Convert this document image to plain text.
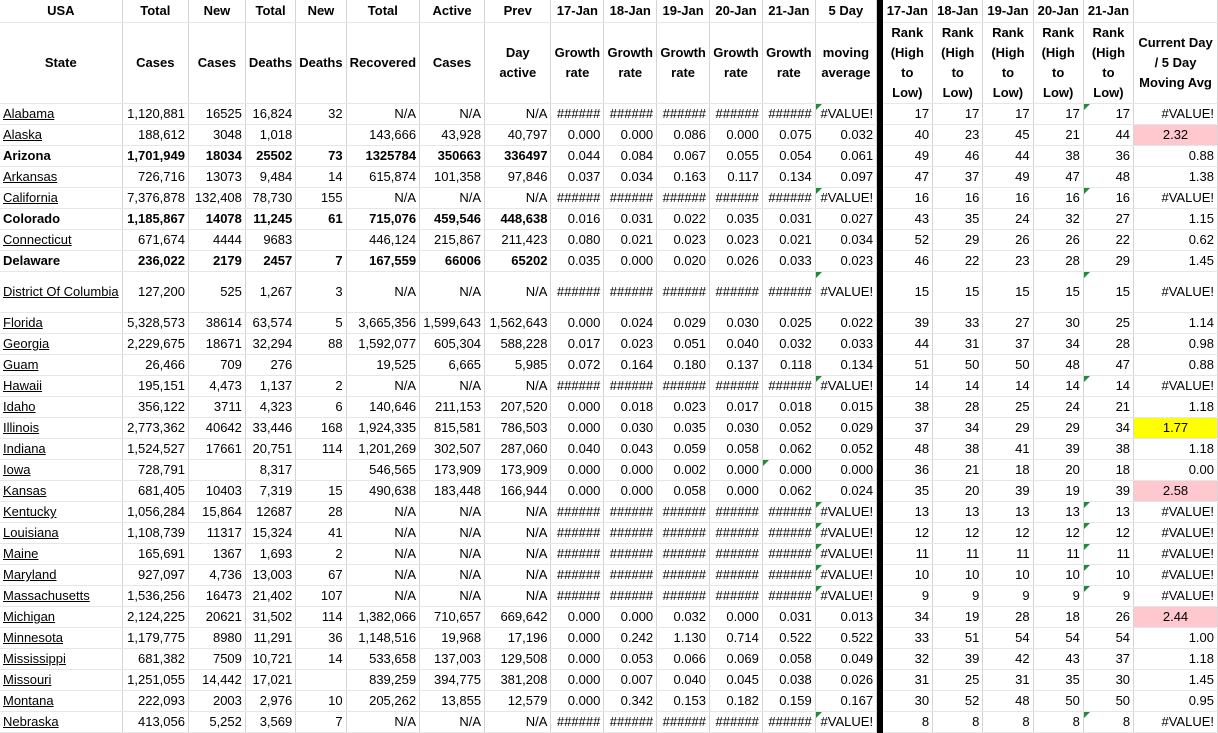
USA	Total	New	Total	New	Total	Active	Prev	17-Jan	18-Jan	19-Jan	20-Jan	21-Jan	5 Day		17-Jan	18-Jan	19-Jan	20-Jan	21-Jan	
State	Cases	Cases	Deaths	Deaths	Recovered	Cases	Day active	Growth rate	Growth rate	Growth rate	Growth rate	Growth rate	moving average		Rank (High to Low)	Rank (High to Low)	Rank (High to Low)	Rank (High to Low)	Rank (High to Low)	Current Day / 5 Day Moving Avg
Alabama	1,120,881	16525	16,824	32	N/A	N/A	N/A	######	######	######	######	######	#VALUE!		17	17	17	17	17	#VALUE!
Alaska	188,612	3048	1,018		143,666	43,928	40,797	0.000	0.000	0.086	0.000	0.075	0.032		40	23	45	21	44	2.32
Arizona	1,701,949	18034	25502	73	1325784	350663	336497	0.044	0.084	0.067	0.055	0.054	0.061		49	46	44	38	36	0.88
Arkansas	726,716	13073	9,484	14	615,874	101,358	97,846	0.037	0.034	0.163	0.117	0.134	0.097		47	37	49	47	48	1.38
California	7,376,878	132,408	78,730	155	N/A	N/A	N/A	######	######	######	######	######	#VALUE!		16	16	16	16	16	#VALUE!
Colorado	1,185,867	14078	11,245	61	715,076	459,546	448,638	0.016	0.031	0.022	0.035	0.031	0.027		43	35	24	32	27	1.15
Connecticut	671,674	4444	9683		446,124	215,867	211,423	0.080	0.021	0.023	0.023	0.021	0.034		52	29	26	26	22	0.62
Delaware	236,022	2179	2457	7	167,559	66006	65202	0.035	0.000	0.020	0.026	0.033	0.023		46	22	23	28	29	1.45
District Of Columbia	127,200	525	1,267	3	N/A	N/A	N/A	######	######	######	######	######	#VALUE!		15	15	15	15	15	#VALUE!
Florida	5,328,573	38614	63,574	5	3,665,356	1,599,643	1,562,643	0.000	0.024	0.029	0.030	0.025	0.022		39	33	27	30	25	1.14
Georgia	2,229,675	18671	32,294	88	1,592,077	605,304	588,228	0.017	0.023	0.051	0.040	0.032	0.033		44	31	37	34	28	0.98
Guam	26,466	709	276		19,525	6,665	5,985	0.072	0.164	0.180	0.137	0.118	0.134		51	50	50	48	47	0.88
Hawaii	195,151	4,473	1,137	2	N/A	N/A	N/A	######	######	######	######	######	#VALUE!		14	14	14	14	14	#VALUE!
Idaho	356,122	3711	4,323	6	140,646	211,153	207,520	0.000	0.018	0.023	0.017	0.018	0.015		38	28	25	24	21	1.18
Illinois	2,773,362	40642	33,446	168	1,924,335	815,581	786,503	0.000	0.030	0.035	0.030	0.052	0.029		37	34	29	29	34	1.77
Indiana	1,524,527	17661	20,751	114	1,201,269	302,507	287,060	0.040	0.043	0.059	0.058	0.062	0.052		48	38	41	39	38	1.18
Iowa	728,791		8,317		546,565	173,909	173,909	0.000	0.000	0.002	0.000	0.000	0.000		36	21	18	20	18	0.00
Kansas	681,405	10403	7,319	15	490,638	183,448	166,944	0.000	0.000	0.058	0.000	0.062	0.024		35	20	39	19	39	2.58
Kentucky	1,056,284	15,864	12687	28	N/A	N/A	N/A	######	######	######	######	######	#VALUE!		13	13	13	13	13	#VALUE!
Louisiana	1,108,739	11317	15,324	41	N/A	N/A	N/A	######	######	######	######	######	#VALUE!		12	12	12	12	12	#VALUE!
Maine	165,691	1367	1,693	2	N/A	N/A	N/A	######	######	######	######	######	#VALUE!		11	11	11	11	11	#VALUE!
Maryland	927,097	4,736	13,003	67	N/A	N/A	N/A	######	######	######	######	######	#VALUE!		10	10	10	10	10	#VALUE!
Massachusetts	1,536,256	16473	21,402	107	N/A	N/A	N/A	######	######	######	######	######	#VALUE!		9	9	9	9	9	#VALUE!
Michigan	2,124,225	20621	31,502	114	1,382,066	710,657	669,642	0.000	0.000	0.032	0.000	0.031	0.013		34	19	28	18	26	2.44
Minnesota	1,179,775	8980	11,291	36	1,148,516	19,968	17,196	0.000	0.242	1.130	0.714	0.522	0.522		33	51	54	54	54	1.00
Mississippi	681,382	7509	10,721	14	533,658	137,003	129,508	0.000	0.053	0.066	0.069	0.058	0.049		32	39	42	43	37	1.18
Missouri	1,251,055	14,442	17,021		839,259	394,775	381,208	0.000	0.007	0.040	0.045	0.038	0.026		31	25	31	35	30	1.45
Montana	222,093	2003	2,976	10	205,262	13,855	12,579	0.000	0.342	0.153	0.182	0.159	0.167		30	52	48	50	50	0.95
Nebraska	413,056	5,252	3,569	7	N/A	N/A	N/A	######	######	######	######	######	#VALUE!		8	8	8	8	8	#VALUE!
